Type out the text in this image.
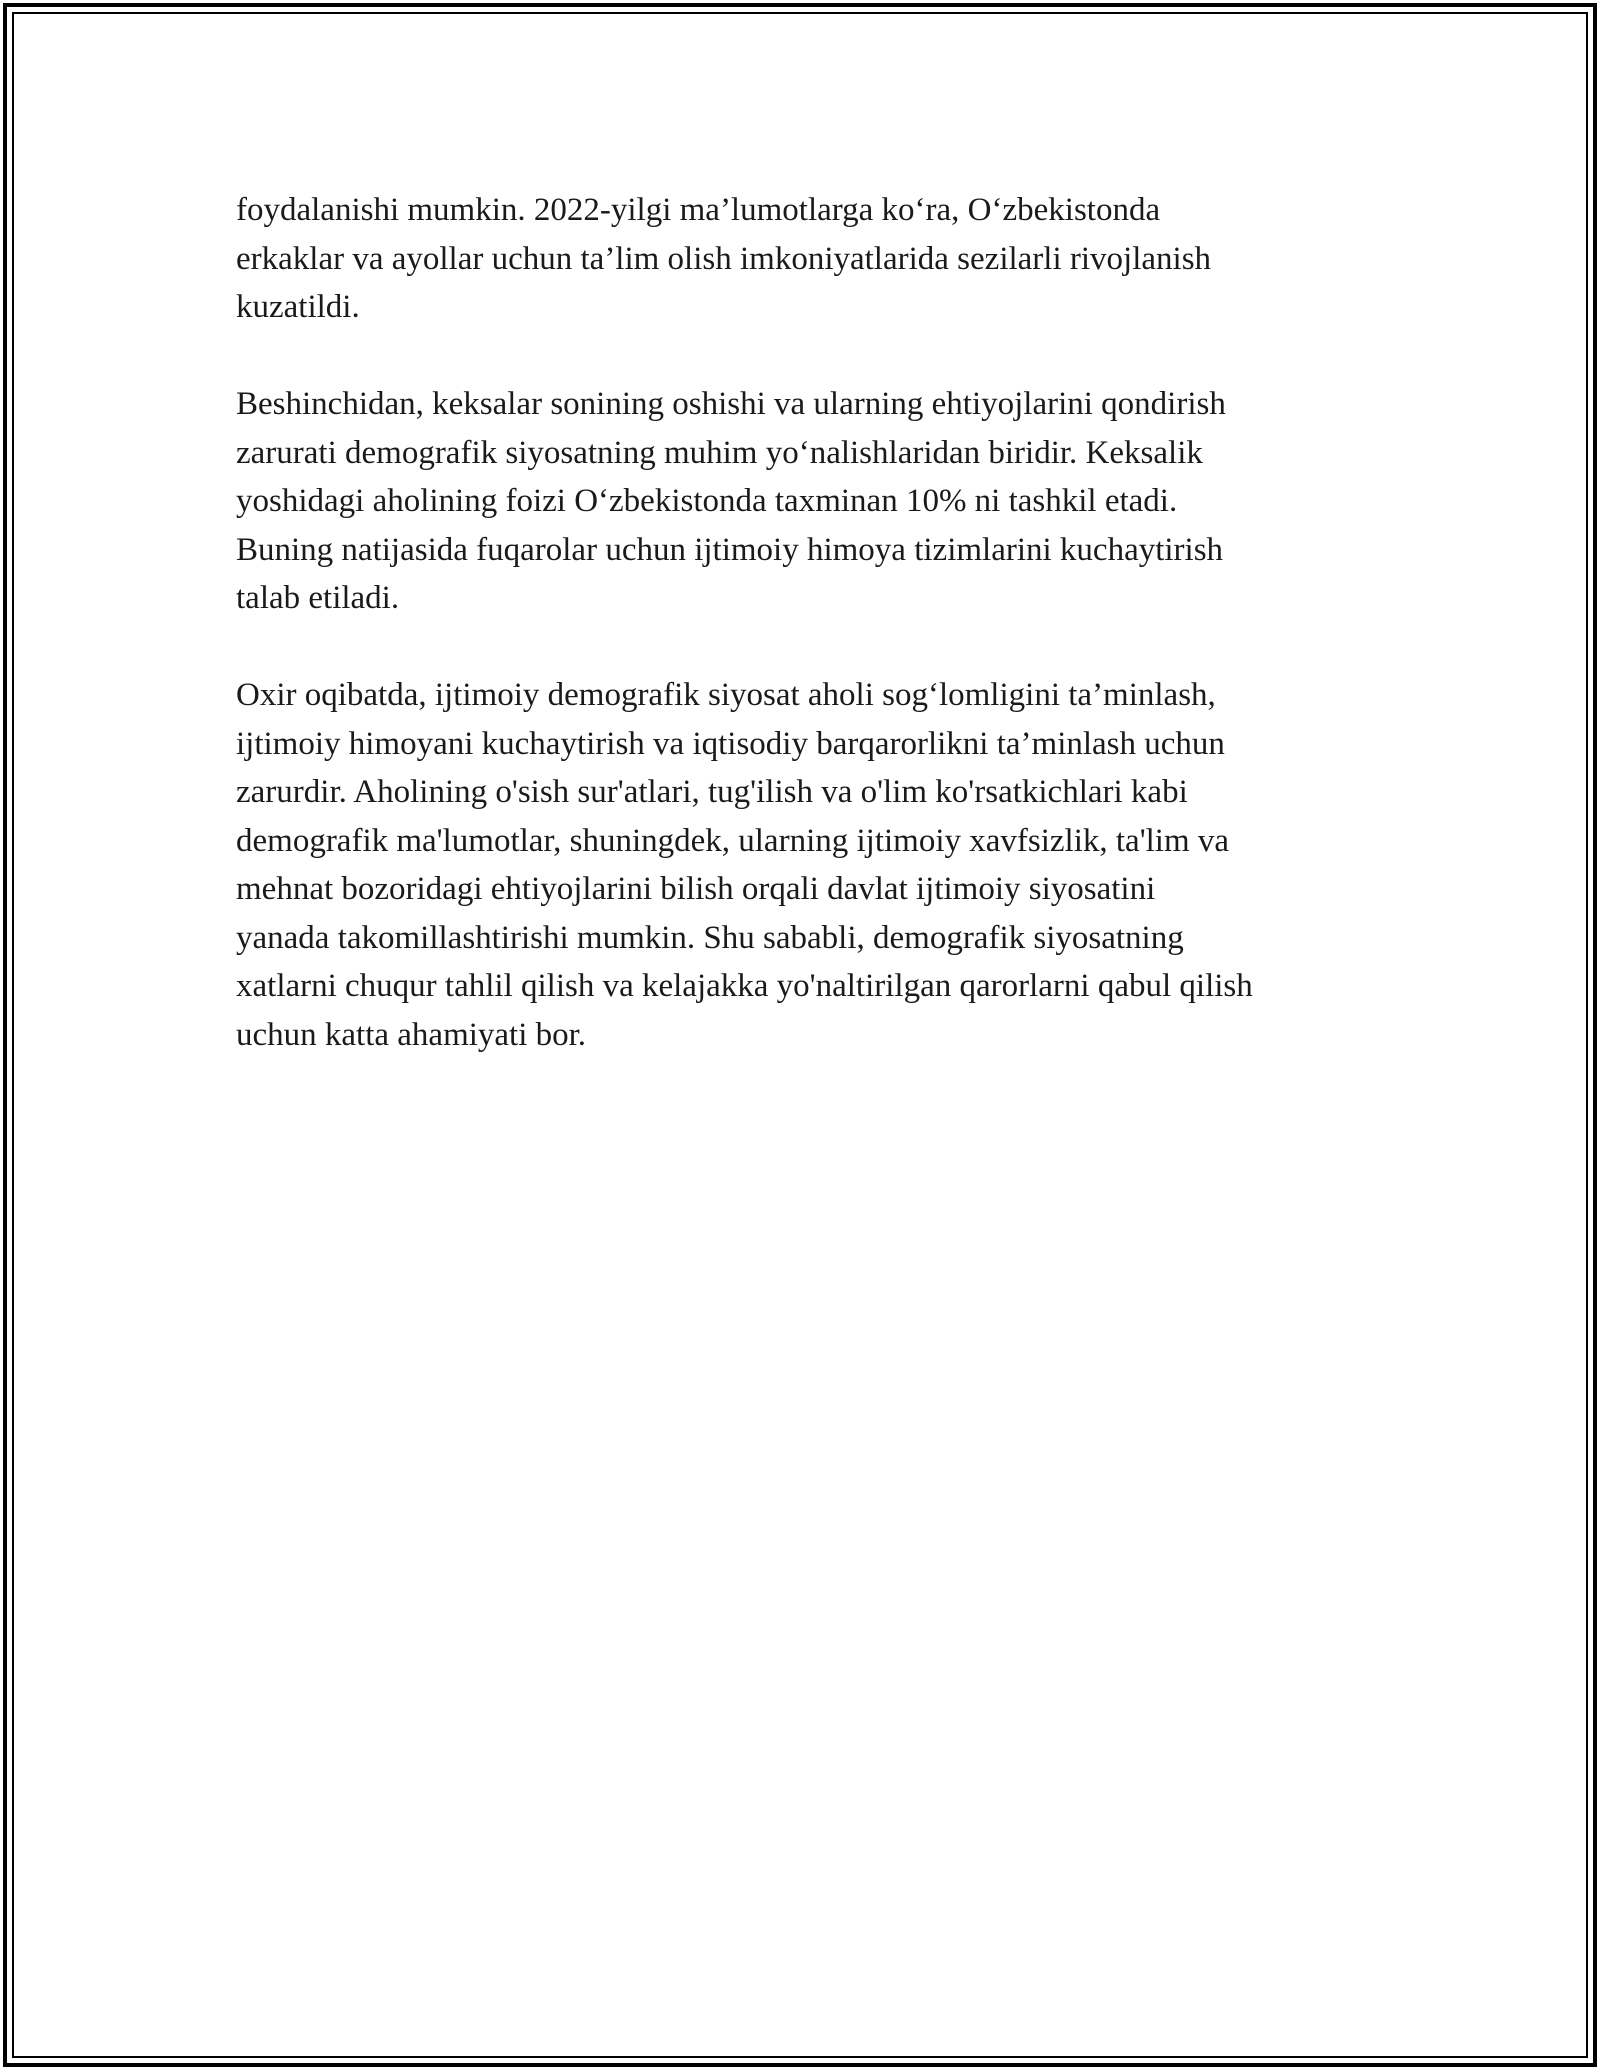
foydalanishi mumkin. 2022-yilgi ma’lumotlarga koʻra, Oʻzbekistonda
erkaklar va ayollar uchun ta’lim olish imkoniyatlarida sezilarli rivojlanish
kuzatildi.

Beshinchidan, keksalar sonining oshishi va ularning ehtiyojlarini qondirish
zarurati demografik siyosatning muhim yoʻnalishlaridan biridir. Keksalik
yoshidagi aholining foizi Oʻzbekistonda taxminan 10% ni tashkil etadi.
Buning natijasida fuqarolar uchun ijtimoiy himoya tizimlarini kuchaytirish
talab etiladi.

Oxir oqibatda, ijtimoiy demografik siyosat aholi sogʻlomligini ta’minlash,
ijtimoiy himoyani kuchaytirish va iqtisodiy barqarorlikni ta’minlash uchun
zarurdir. Aholining o'sish sur'atlari, tug'ilish va o'lim ko'rsatkichlari kabi
demografik ma'lumotlar, shuningdek, ularning ijtimoiy xavfsizlik, ta'lim va
mehnat bozoridagi ehtiyojlarini bilish orqali davlat ijtimoiy siyosatini
yanada takomillashtirishi mumkin. Shu sababli, demografik siyosatning
xatlarni chuqur tahlil qilish va kelajakka yo'naltirilgan qarorlarni qabul qilish
uchun katta ahamiyati bor.
